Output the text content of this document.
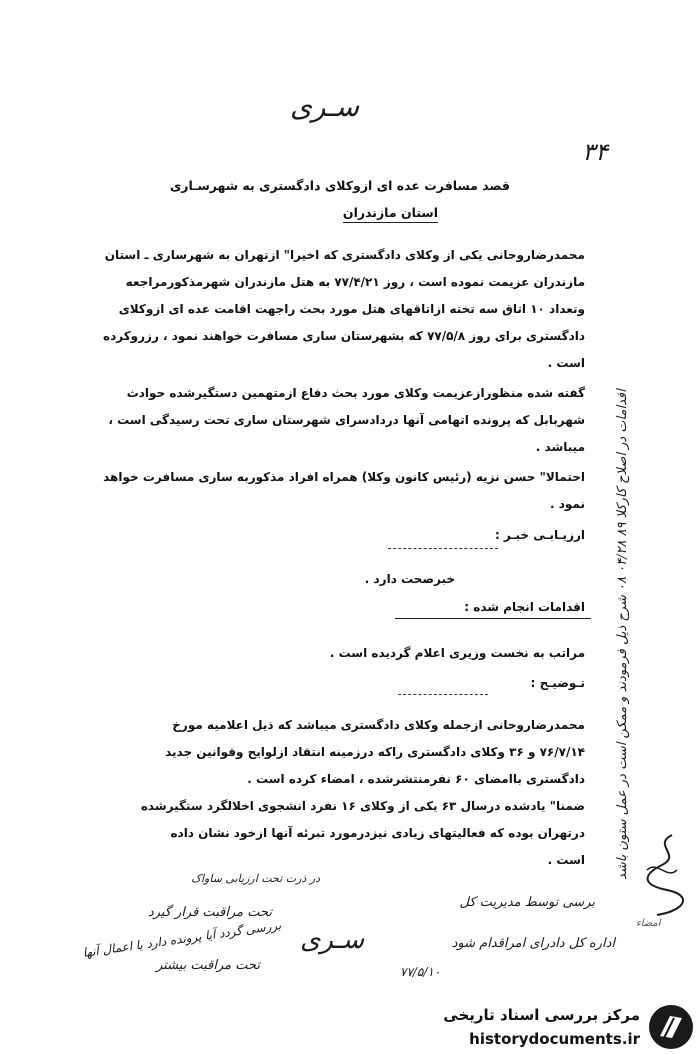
۳۴
سـری
قصد مسافرت عده ای ازوکلای دادگستری به شهرسـاری
استان مازندران
محمدرضاروحانی یکی از وکلای دادگستری که اخیرا" ازتهران به شهرساری ـ استان
مازندران عزیمت نموده است ، روز ۷۷/۴/۲۱ به هتل مازندران شهرمذکورمراجعه
وتعداد ۱۰ اتاق سه تخته ازاتاقهای هتل مورد بحث راجهت اقامت عده ای ازوکلای
دادگستری برای روز ۷۷/۵/۸ که بشهرستان ساری مسافرت خواهند نمود ، رزروکرده
است .
گفته شده منظورازعزیمت وکلای مورد بحث دفاع ازمتهمین دستگیرشده حوادث
شهربابل که پرونده اتهامی آنها دردادسرای شهرستان ساری تحت رسیدگی است ،
میباشد .
احتمالا" حسن نزیه (رئیس کانون وکلا) همراه افراد مذکوربه ساری مسافرت خواهد
نمود .
ارزیـابـی خبـر :
خبرصحت دارد .
اقدامات انجام شده :
مراتب به نخست وزیری اعلام گردیده است .
تـوضیـح :
محمدرضاروحانی ازجمله وکلای دادگستری میباشد که ذیل اعلامیه مورخ
۷۶/۷/۱۴ و ۳۶ وکلای دادگستری راکه درزمینه انتقاد ازلوایح وقوانین جدید
دادگستری باامضای ۶۰ نفرمنتشرشده ، امضاء کرده است .
ضمنا" یادشده درسال ۶۳ یکی از وکلای ۱۶ نفرد انشجوی اخلالگرد ستگیرشده
درتهران بوده که فعالیتهای زیادی نیزدرمورد تبرئه آنها ازخود نشان داده
است .
در ذرت تحت ارزیابی ساواک
تحت مراقبت قرار گیرد
بررسی گردد آیا پرونده دارد یا اعمال آنها
تحت مراقبت بیشتر
سـری
برسی توسط مدیریت کل
اداره کل دادرای امراقدام شود
۷۷/۵/۱۰
اقدامات در اصلاح کارکلا ۸۹ ۰۴/۲۸ ۰۸ شرح ذیل فرمودند و ممکن است در عمل ستون باشد
امضاء
مرکز بررسی اسناد تاریخی
historydocuments.ir
